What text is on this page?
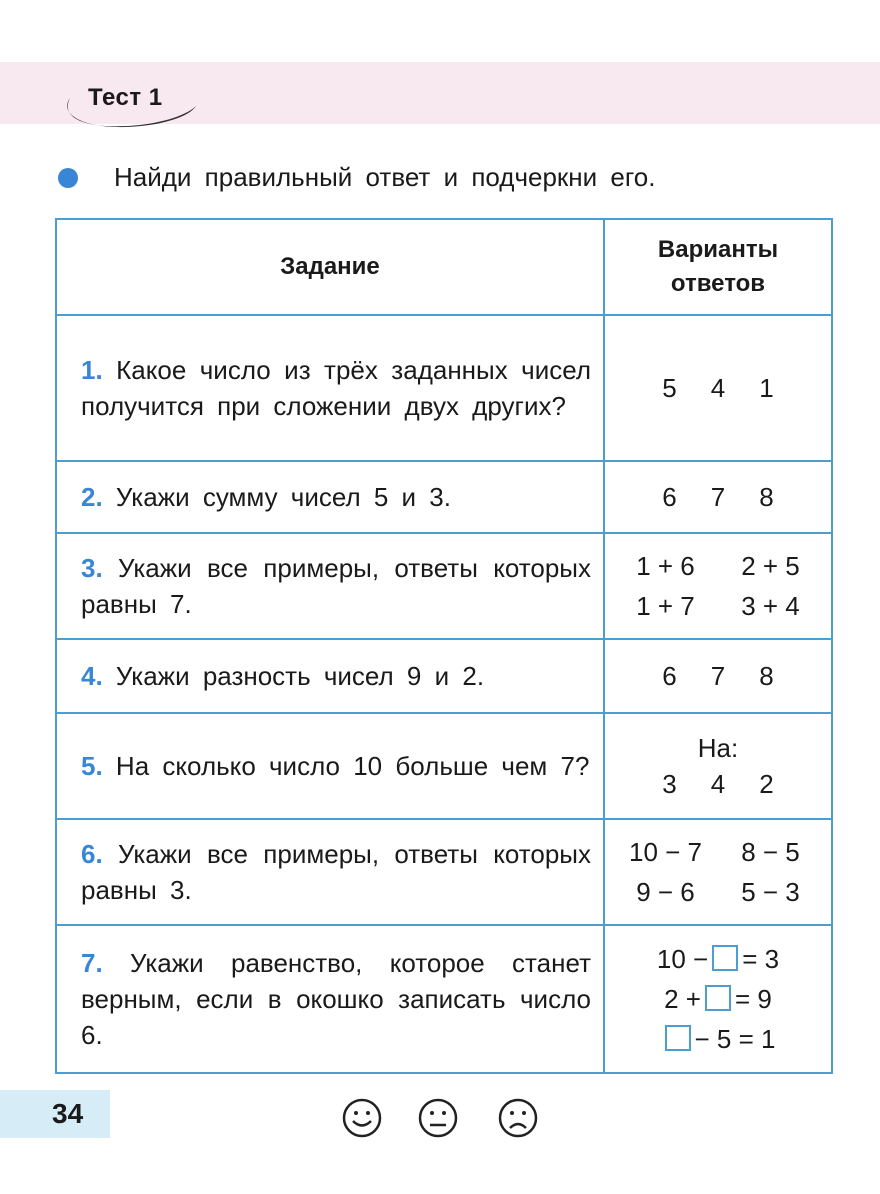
Тест 1
Найди правильный ответ и подчеркни его.
Задание	Варианты ответов
1. Какое число из трёх заданных чисел получится при сложении двух других?	5 4 1

2. Укажи сумму чисел 5 и 3.	6 7 8

3. Укажи все примеры, ответы которых равны 7.	1 + 6 2 + 5
1 + 7 3 + 4

4. Укажи разность чисел 9 и 2.	6 7 8

5. На сколько число 10 больше чем 7?	На:
3 4 2

6. Укажи все примеры, ответы которых равны 3.	10 − 7 8 − 5
9 − 6 5 − 3

7. Укажи равенство, которое станет верным, если в окошко записать число 6.	10 − = 3
2 + = 9
− 5 = 1
34
